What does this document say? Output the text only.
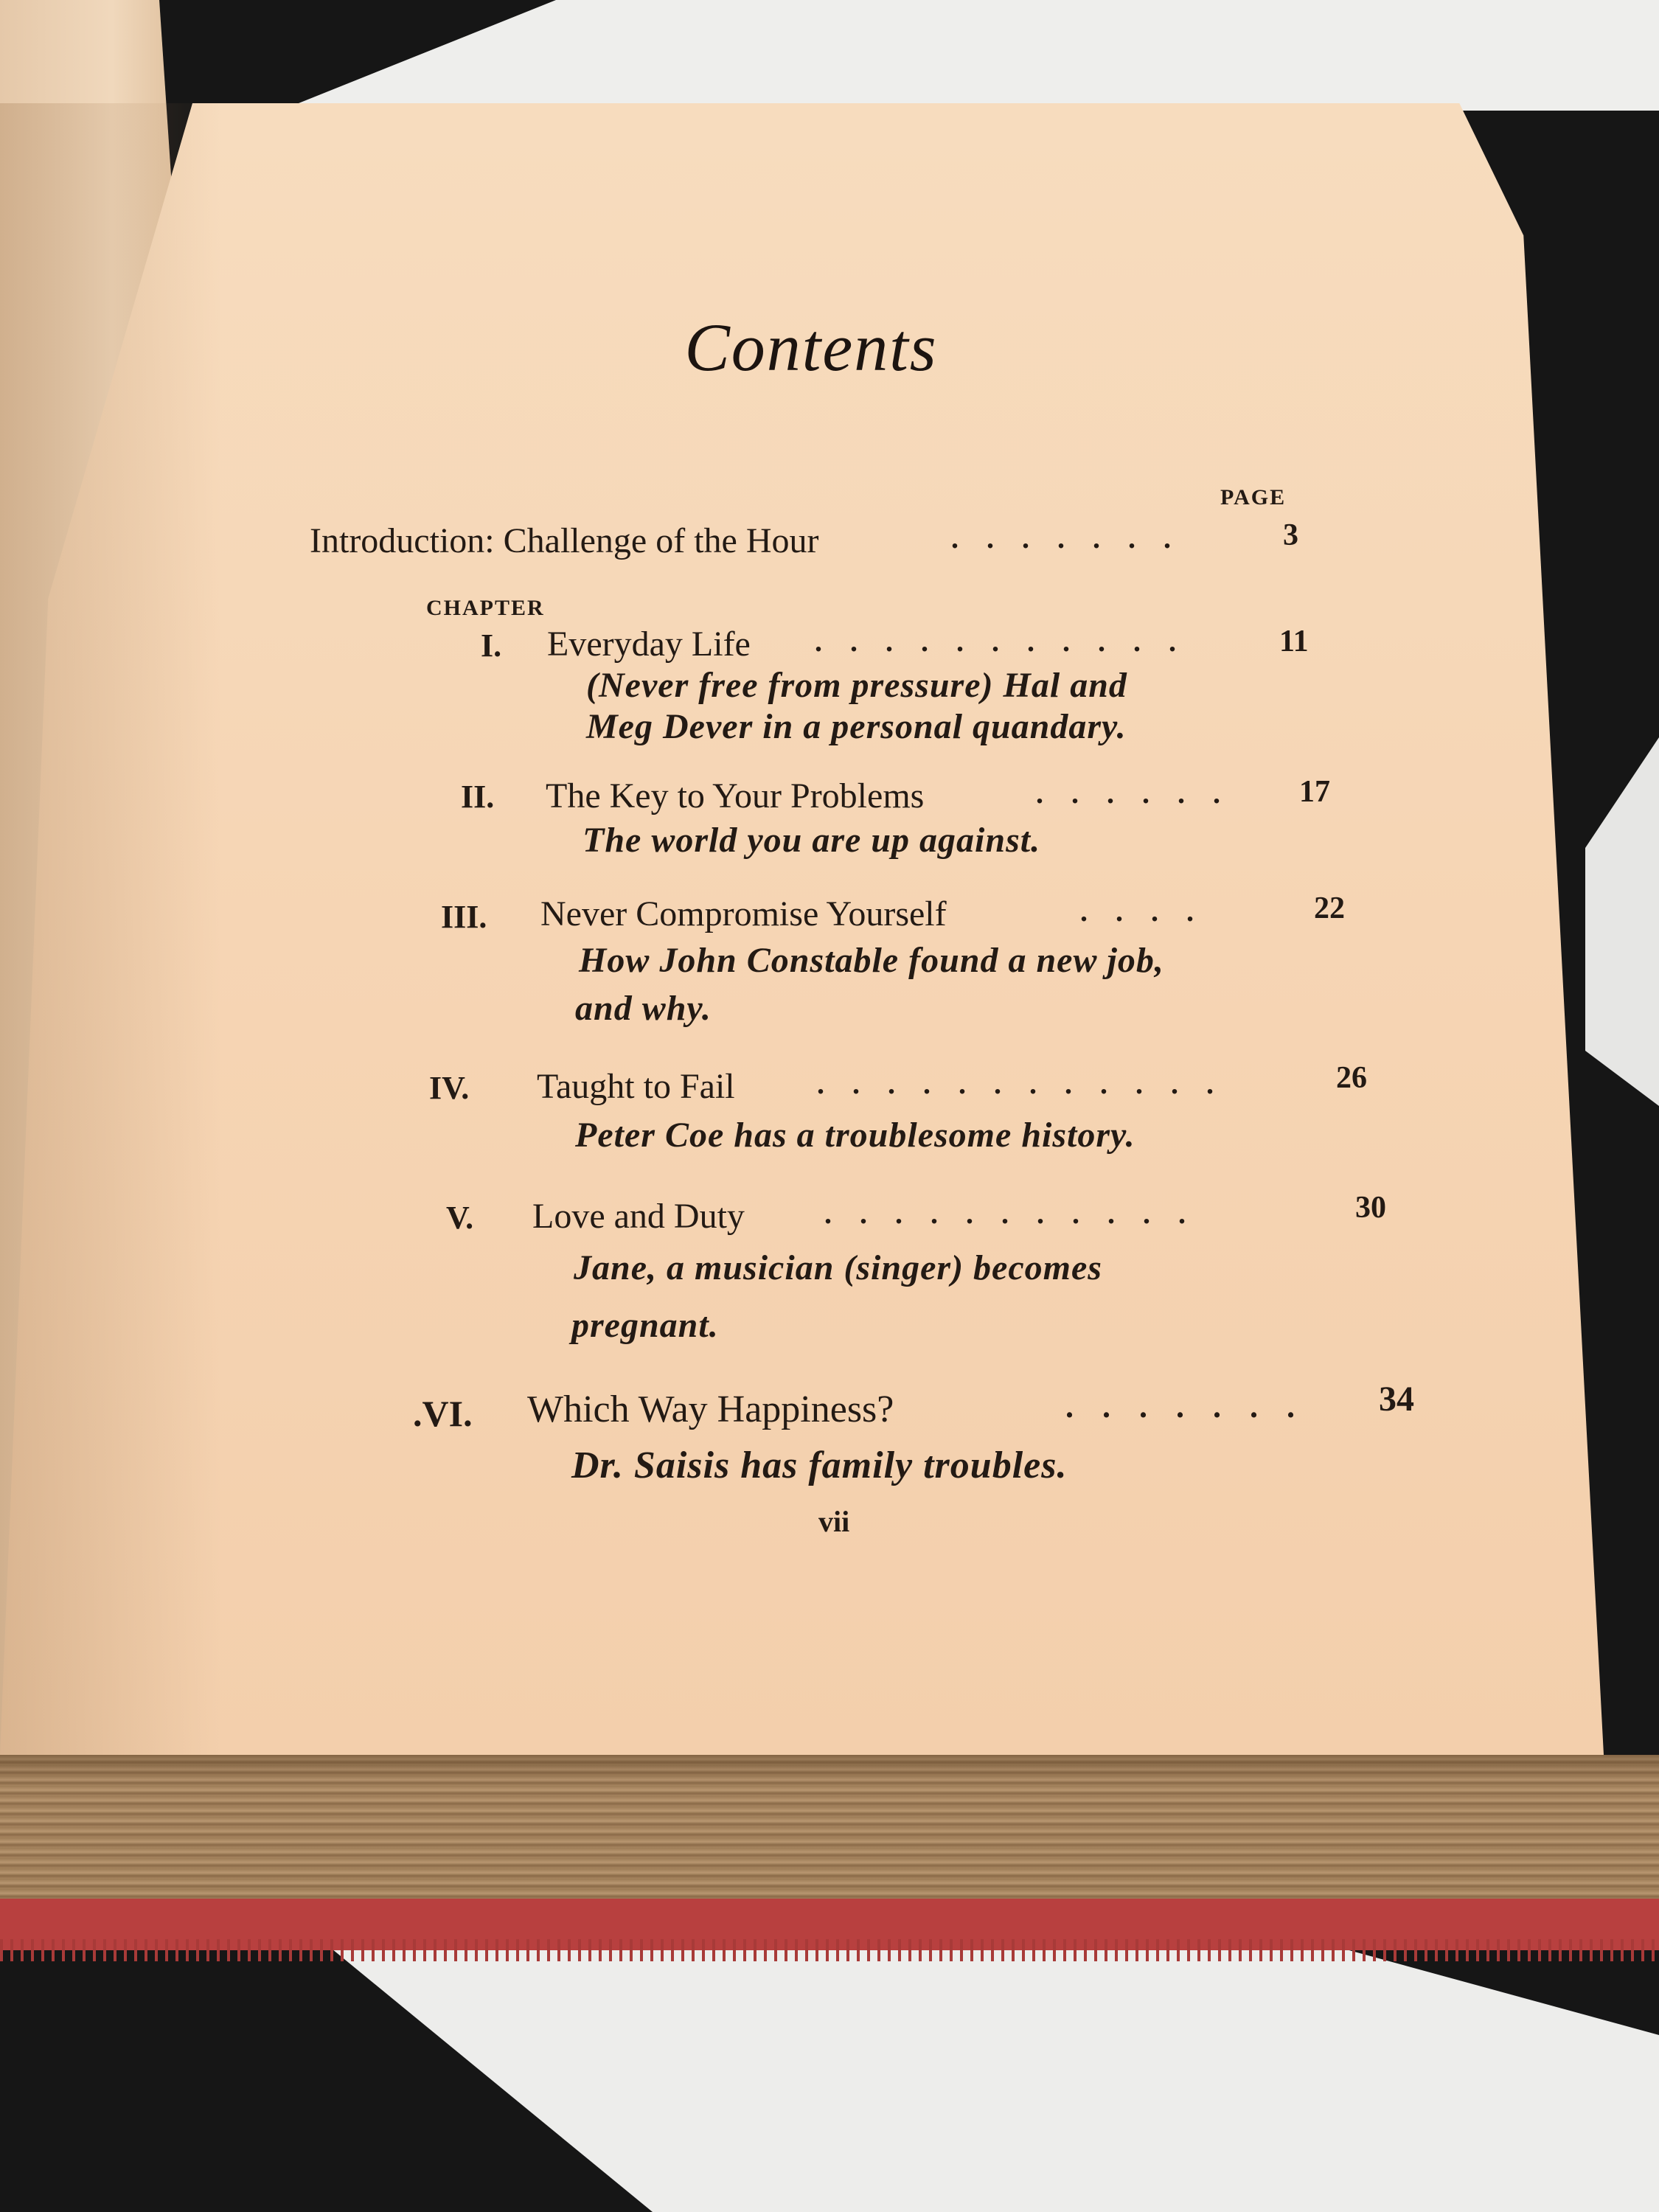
Contents
PAGE
Introduction: Challenge of the Hour	. . . . . . .	3
CHAPTER
I. Everyday Life . . . . . . . . . . .	11
(Never free from pressure) Hal and
Meg Dever in a personal quandary.
II. The Key to Your Problems	. . . . . . 17
The world you are up against.
III. Never Compromise Yourself	. . . .	22
How John Constable found a new job,
and why.
IV. Taught to Fail	. . . . . . . . . . . .	26
Peter Coe has a troublesome history.
V. Love and Duty	. . . . . . . . . . .	30
Jane, a musician (singer) becomes
pregnant.
.VI. Which Way Happiness?	. . . . . . . 34
Dr. Saisis has family troubles.
vii
